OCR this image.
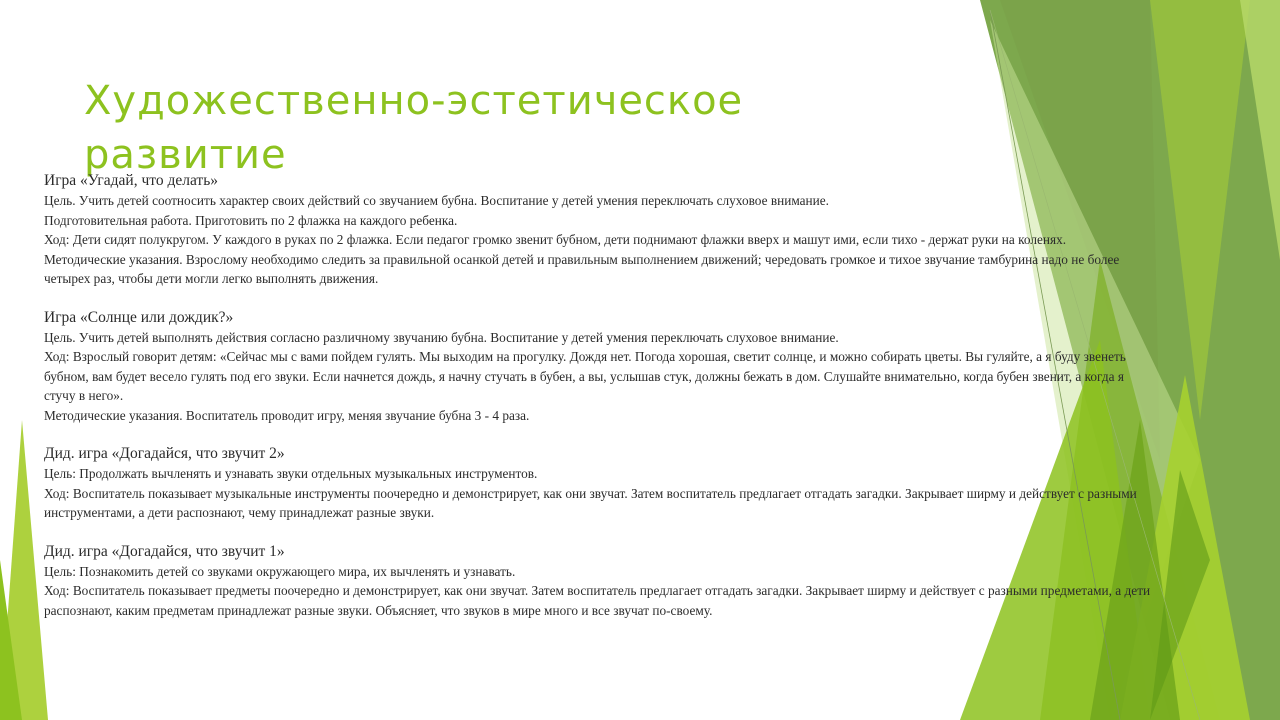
Художественно-эстетическое развитие

Игра «Угадай, что делать»

Цель. Учить детей соотносить характер своих действий со звучанием бубна. Воспитание у детей умения переключать слуховое внимание.

Подготовительная работа. Приготовить по 2 флажка на каждого ребенка.

Ход: Дети сидят полукругом. У каждого в руках по 2 флажка. Если педагог громко звенит бубном, дети поднимают флажки вверх и машут ими, если тихо - держат руки на коленях.

Методические указания. Взрослому необходимо следить за правильной осанкой детей и правильным выполнением движений; чередовать громкое и тихое звучание тамбурина надо не более четырех раз, чтобы дети могли легко выполнять движения.

Игра «Солнце или дождик?»

Цель. Учить детей выполнять действия согласно различному звучанию бубна. Воспитание у детей умения переключать слуховое внимание.

Ход: Взрослый говорит детям: «Сейчас мы с вами пойдем гулять. Мы выходим на прогулку. Дождя нет. Погода хорошая, светит солнце, и можно собирать цветы. Вы гуляйте, а я буду звенеть бубном, вам будет весело гулять под его звуки. Если начнется дождь, я начну стучать в бубен, а вы, услышав стук, должны бежать в дом. Слушайте внимательно, когда бубен звенит, а когда я стучу в него».

Методические указания. Воспитатель проводит игру, меняя звучание бубна 3 - 4 раза.

Дид. игра «Догадайся, что звучит 2»

Цель: Продолжать вычленять и узнавать звуки отдельных музыкальных инструментов.

Ход: Воспитатель показывает музыкальные инструменты поочередно и демонстрирует, как они звучат. Затем воспитатель предлагает отгадать загадки. Закрывает ширму и действует с разными инструментами, а дети распознают, чему принадлежат разные звуки.

Дид. игра «Догадайся, что звучит 1»

Цель: Познакомить детей со звуками окружающего мира, их вычленять и узнавать.

Ход: Воспитатель показывает предметы поочередно и демонстрирует, как они звучат. Затем воспитатель предлагает отгадать загадки. Закрывает ширму и действует с разными предметами, а дети распознают, каким предметам принадлежат разные звуки. Объясняет, что звуков в мире много и все звучат по-своему.
